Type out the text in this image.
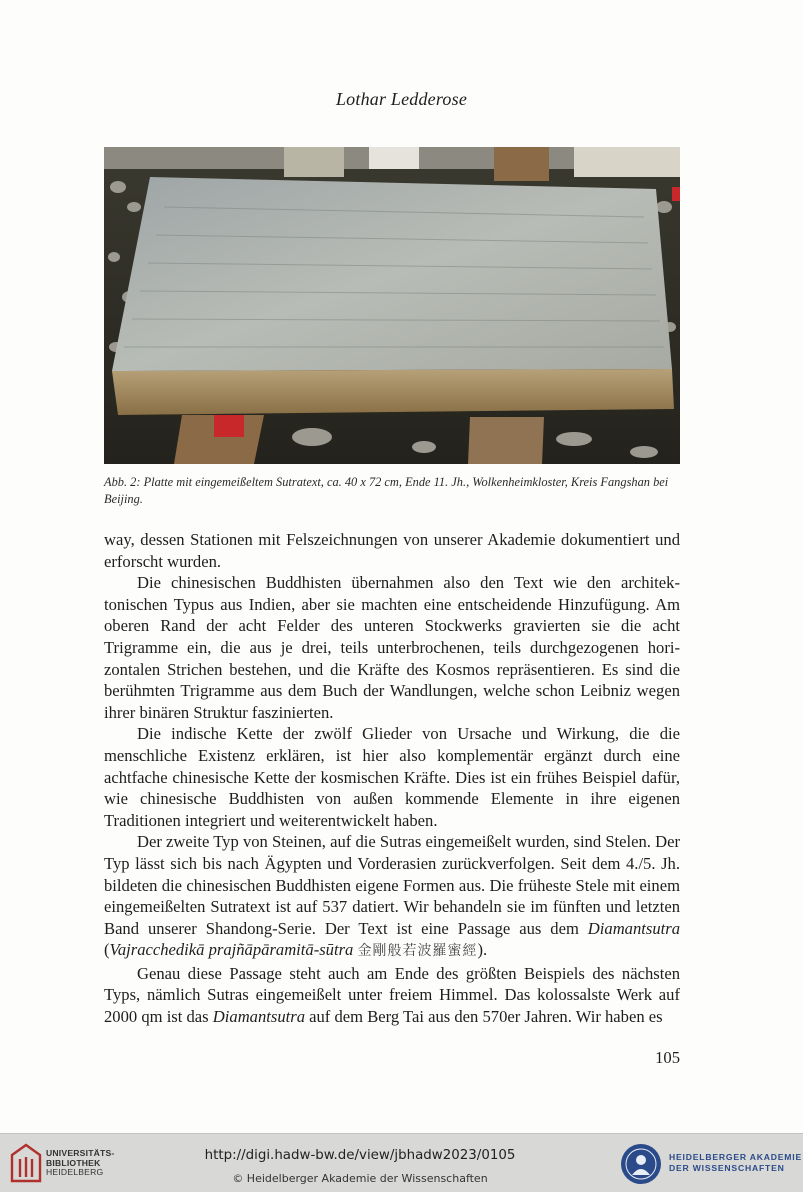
Lothar Ledderose
Abb. 2: Platte mit eingemeißeltem Sutratext, ca. 40 x 72 cm, Ende 11. Jh., Wolkenheimkloster, Kreis Fangshan bei Beijing.

way, dessen Stationen mit Felszeichnungen von unserer Akademie dokumentiert und erforscht wurden.

Die chinesischen Buddhisten übernahmen also den Text wie den architektonischen Typus aus Indien, aber sie machten eine entscheidende Hinzufügung. Am oberen Rand der acht Felder des unteren Stockwerks gravierten sie die acht Trigramme ein, die aus je drei, teils unterbrochenen, teils durchgezogenen horizontalen Strichen bestehen, und die Kräfte des Kosmos repräsentieren. Es sind die berühmten Trigramme aus dem Buch der Wandlungen, welche schon Leibniz wegen ihrer binären Struktur faszinierten.

Die indische Kette der zwölf Glieder von Ursache und Wirkung, die die menschliche Existenz erklären, ist hier also komplementär ergänzt durch eine achtfache chinesische Kette der kosmischen Kräfte. Dies ist ein frühes Beispiel dafür, wie chinesische Buddhisten von außen kommende Elemente in ihre eigenen Traditionen integriert und weiterentwickelt haben.

Der zweite Typ von Steinen, auf die Sutras eingemeißelt wurden, sind Stelen. Der Typ lässt sich bis nach Ägypten und Vorderasien zurückverfolgen. Seit dem 4./5. Jh. bildeten die chinesischen Buddhisten eigene Formen aus. Die früheste Stele mit einem eingemeißelten Sutratext ist auf 537 datiert. Wir behandeln sie im fünften und letzten Band unserer Shandong-Serie. Der Text ist eine Passage aus dem Diamantsutra (Vajracchedikā prajñāpāramitā-sūtra 金剛般若波羅蜜經).

Genau diese Passage steht auch am Ende des größten Beispiels des nächsten Typs, nämlich Sutras eingemeißelt unter freiem Himmel. Das kolossalste Werk auf 2000 qm ist das Diamantsutra auf dem Berg Tai aus den 570er Jahren. Wir haben es

105
UNIVERSITÄTS-
BIBLIOTHEK
HEIDELBERG
http://digi.hadw-bw.de/view/jbhadw2023/0105
© Heidelberger Akademie der Wissenschaften
HEIDELBERGER AKADEMIE
DER WISSENSCHAFTEN
